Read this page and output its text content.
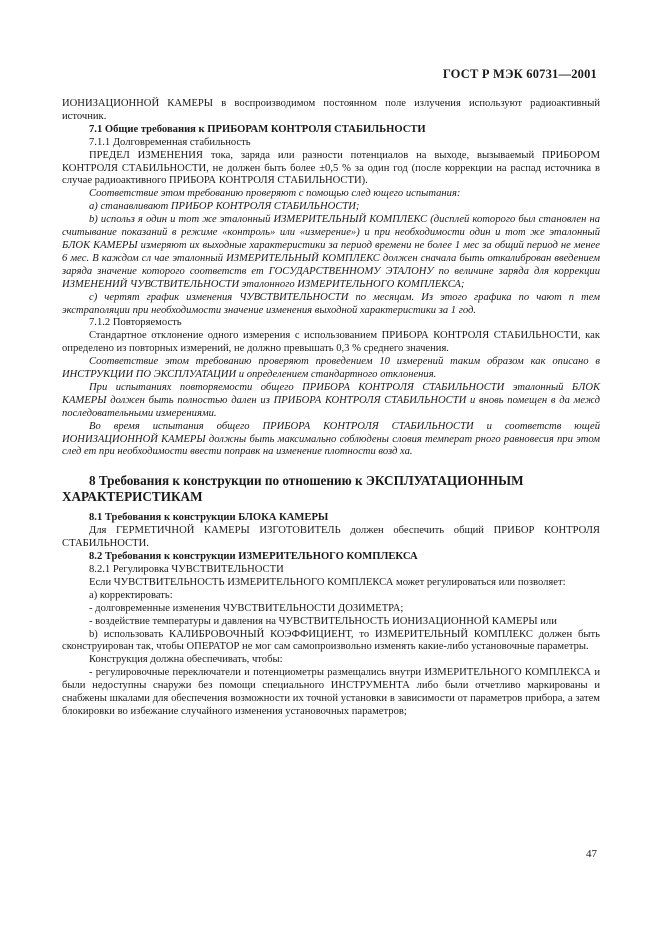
ГОСТ Р МЭК 60731—2001

ИОНИЗАЦИОННОЙ КАМЕРЫ в воспроизводимом постоянном поле излучения используют радиоактивный источник.

7.1 Общие требования к ПРИБОРАМ КОНТРОЛЯ СТАБИЛЬНОСТИ

7.1.1 Долговременная стабильность

ПРЕДЕЛ ИЗМЕНЕНИЯ тока, заряда или разности потенциалов на выходе, вызываемый ПРИБОРОМ КОНТРОЛЯ СТАБИЛЬНОСТИ, не должен быть более ±0,5 % за один год (после коррекции на распад источника в случае радиоактивного ПРИБОРА КОНТРОЛЯ СТАБИЛЬНОСТИ).

Соответствие этом требованию проверяют с помощью след ющего испытания:

а) станавливают ПРИБОР КОНТРОЛЯ СТАБИЛЬНОСТИ;

b) использ я один и тот же эталонный ИЗМЕРИТЕЛЬНЫЙ КОМПЛЕКС (дисплей которого был становлен на считывание показаний в режиме «контроль» или «измерение») и при необходимости один и тот же эталонный БЛОК КАМЕРЫ измеряют их выходные характеристики за период времени не более 1 мес за общий период не менее 6 мес. В каждом сл чае эталонный ИЗМЕРИТЕЛЬНЫЙ КОМПЛЕКС должен сначала быть откалиброван введением заряда значение которого соответств ет ГОСУДАРСТВЕННОМУ ЭТАЛОНУ по величине заряда для коррекции ИЗМЕНЕНИЙ ЧУВСТВИТЕЛЬНОСТИ эталонного ИЗМЕРИТЕЛЬНОГО КОМПЛЕКСА;

с) чертят график изменения ЧУВСТВИТЕЛЬНОСТИ по месяцам. Из этого графика по чают п тем экстраполяции при необходимости значение изменения выходной характеристики за 1 год.

7.1.2 Повторяемость

Стандартное отклонение одного измерения с использованием ПРИБОРА КОНТРОЛЯ СТАБИЛЬНОСТИ, как определено из повторных измерений, не должно превышать 0,3 % среднего значения.

Соответствие этом требованию проверяют проведением 10 измерений таким образом как описано в ИНСТРУКЦИИ ПО ЭКСПЛУАТАЦИИ и определением стандартного отклонения.

При испытаниях повторяемости общего ПРИБОРА КОНТРОЛЯ СТАБИЛЬНОСТИ эталонный БЛОК КАМЕРЫ должен быть полностью дален из ПРИБОРА КОНТРОЛЯ СТАБИЛЬНОСТИ и вновь помещен в да межд последовательными измерениями.

Во время испытания общего ПРИБОРА КОНТРОЛЯ СТАБИЛЬНОСТИ и соответств ющей ИОНИЗАЦИОННОЙ КАМЕРЫ должны быть максимально соблюдены словия температ рного равновесия при этом след ет при необходимости ввести поправк на изменение плотности возд ха.

8 Требования к конструкции по отношению к ЭКСПЛУАТАЦИОННЫМ ХАРАКТЕРИСТИКАМ

8.1 Требования к конструкции БЛОКА КАМЕРЫ

Для ГЕРМЕТИЧНОЙ КАМЕРЫ ИЗГОТОВИТЕЛЬ должен обеспечить общий ПРИБОР КОНТРОЛЯ СТАБИЛЬНОСТИ.

8.2 Требования к конструкции ИЗМЕРИТЕЛЬНОГО КОМПЛЕКСА

8.2.1 Регулировка ЧУВСТВИТЕЛЬНОСТИ

Если ЧУВСТВИТЕЛЬНОСТЬ ИЗМЕРИТЕЛЬНОГО КОМПЛЕКСА может регулироваться или позволяет:

а) корректировать:

- долговременные изменения ЧУВСТВИТЕЛЬНОСТИ ДОЗИМЕТРА;

- воздействие температуры и давления на ЧУВСТВИТЕЛЬНОСТЬ ИОНИЗАЦИОННОЙ КАМЕРЫ или

b) использовать КАЛИБРОВОЧНЫЙ КОЭФФИЦИЕНТ, то ИЗМЕРИТЕЛЬНЫЙ КОМПЛЕКС должен быть сконструирован так, чтобы ОПЕРАТОР не мог сам самопроизвольно изменять какие-либо установочные параметры.

Конструкция должна обеспечивать, чтобы:

- регулировочные переключатели и потенциометры размещались внутри ИЗМЕРИТЕЛЬНОГО КОМПЛЕКСА и были недоступны снаружи без помощи специального ИНСТРУМЕНТА либо были отчетливо маркированы и снабжены шкалами для обеспечения возможности их точной установки в зависимости от параметров прибора, а затем блокировки во избежание случайного изменения установочных параметров;

47
